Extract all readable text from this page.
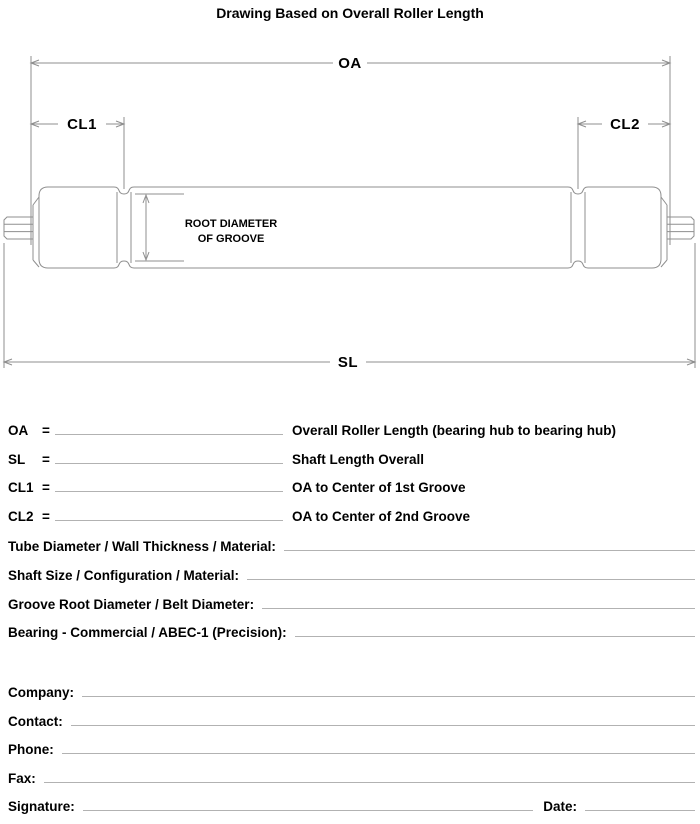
Drawing Based on Overall Roller Length
OA
CL1	CL2
ROOT DIAMETER
OF GROOVE
SL
OA =	Overall Roller Length (bearing hub to bearing hub)
SL =	Shaft Length Overall
CL1 =	OA to Center of 1st Groove
CL2 =	OA to Center of 2nd Groove
Tube Diameter / Wall Thickness / Material:
Shaft Size / Configuration / Material:
Groove Root Diameter / Belt Diameter:
Bearing - Commercial / ABEC-1 (Precision):
Company:
Contact:
Phone:
Fax:
Signature:	Date:
